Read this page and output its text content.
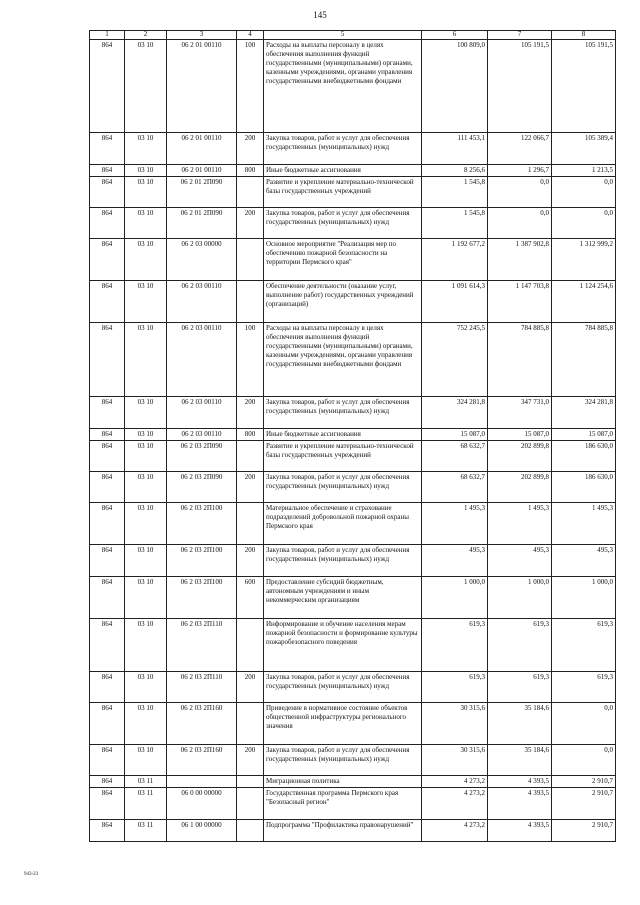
145
1	2	3	4	5	6	7	8
864	03 10	06 2 01 00110	100	Расходы на выплаты персоналу в целях обеспечения выполнения функций государственными (муниципальными) органами, казенными учреждениями, органами управления государственными внебюджетными фондами	100 809,0	105 191,5	105 191,5
864	03 10	06 2 01 00110	200	Закупка товаров, работ и услуг для обеспечения государственных (муниципальных) нужд	111 453,1	122 066,7	105 389,4
864	03 10	06 2 01 00110	800	Иные бюджетные ассигнования	8 256,6	1 296,7	1 213,5
864	03 10	06 2 01 2П090		Развитие и укрепление материально-технической базы государственных учреждений	1 545,8	0,0	0,0
864	03 10	06 2 01 2П090	200	Закупка товаров, работ и услуг для обеспечения государственных (муниципальных) нужд	1 545,8	0,0	0,0
864	03 10	06 2 03 00000		Основное мероприятие "Реализация мер по обеспечению пожарной безопасности на территории Пермского края"	1 192 677,2	1 387 902,8	1 312 999,2
864	03 10	06 2 03 00110		Обеспечение деятельности (оказание услуг, выполнение работ) государственных учреждений (организаций)	1 091 614,3	1 147 703,8	1 124 254,6
864	03 10	06 2 03 00110	100	Расходы на выплаты персоналу в целях обеспечения выполнения функций государственными (муниципальными) органами, казенными учреждениями, органами управления государственными внебюджетными фондами	752 245,5	784 885,8	784 885,8
864	03 10	06 2 03 00110	200	Закупка товаров, работ и услуг для обеспечения государственных (муниципальных) нужд	324 281,8	347 731,0	324 281,8
864	03 10	06 2 03 00110	800	Иные бюджетные ассигнования	15 087,0	15 087,0	15 087,0
864	03 10	06 2 03 2П090		Развитие и укрепление материально-технической базы государственных учреждений	68 632,7	202 899,8	186 630,0
864	03 10	06 2 03 2П090	200	Закупка товаров, работ и услуг для обеспечения государственных (муниципальных) нужд	68 632,7	202 899,8	186 630,0
864	03 10	06 2 03 2П100		Материальное обеспечение и страхование подразделений добровольной пожарной охраны Пермского края	1 495,3	1 495,3	1 495,3
864	03 10	06 2 03 2П100	200	Закупка товаров, работ и услуг для обеспечения государственных (муниципальных) нужд	495,3	495,3	495,3
864	03 10	06 2 03 2П100	600	Предоставление субсидий бюджетным, автономным учреждениям и иным некоммерческим организациям	1 000,0	1 000,0	1 000,0
864	03 10	06 2 03 2П110		Информирование и обучение населения мерам пожарной безопасности и формирование культуры пожаробезопасного поведения	619,3	619,3	619,3
864	03 10	06 2 03 2П110	200	Закупка товаров, работ и услуг для обеспечения государственных (муниципальных) нужд	619,3	619,3	619,3
864	03 10	06 2 03 2П160		Приведение в нормативное состояние объектов общественной инфраструктуры регионального значения	30 315,6	35 184,6	0,0
864	03 10	06 2 03 2П160	200	Закупка товаров, работ и услуг для обеспечения государственных (муниципальных) нужд	30 315,6	35 184,6	0,0
864	03 11			Миграционная политика	4 273,2	4 393,5	2 910,7
864	03 11	06 0 00 00000		Государственная программа Пермского края "Безопасный регион"	4 273,2	4 393,5	2 910,7
864	03 11	06 1 00 00000		Подпрограмма "Профилактика правонарушений"	4 273,2	4 393,5	2 910,7
943-23
